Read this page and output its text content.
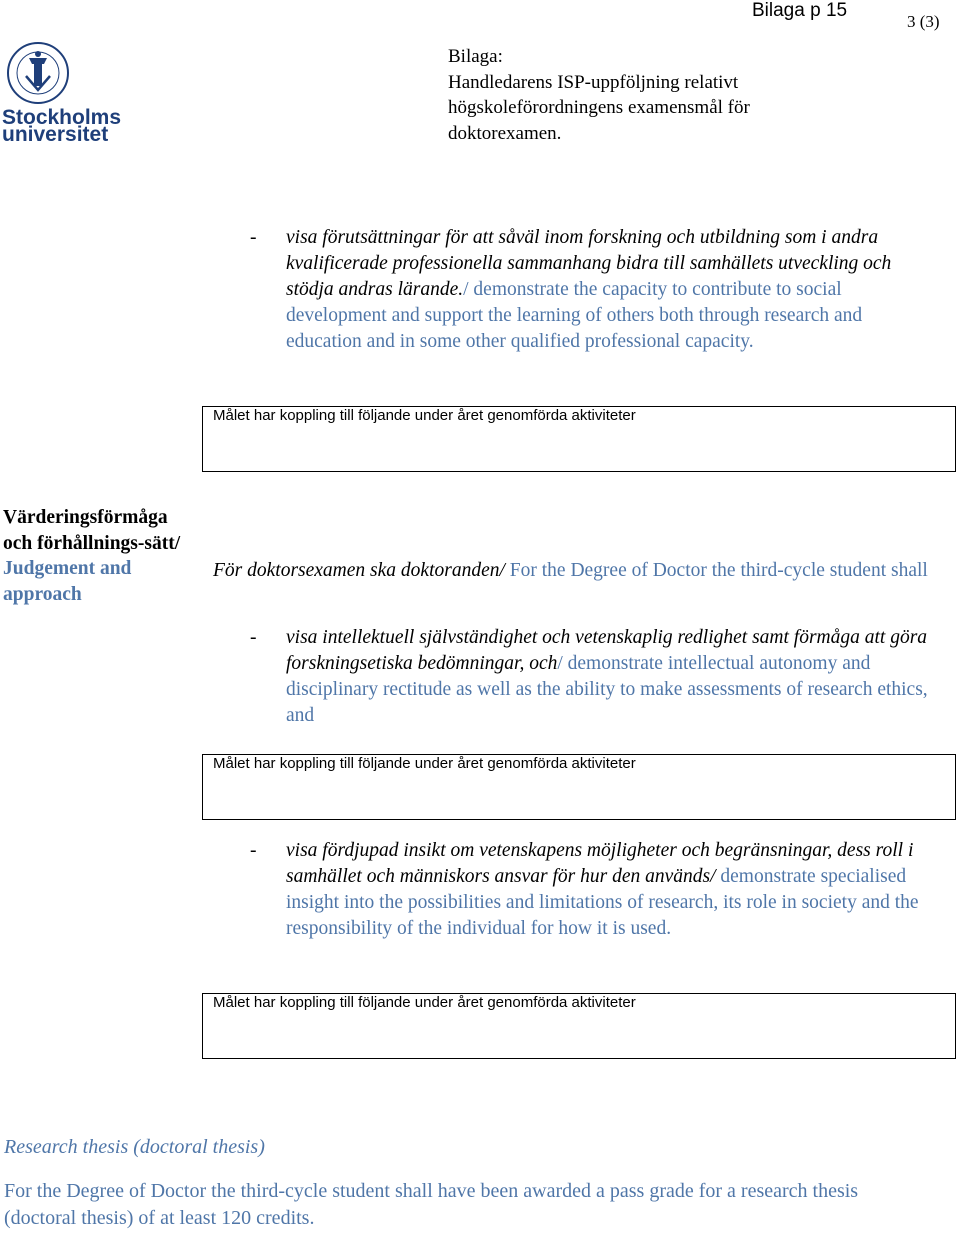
Bilaga p 15
3 (3)
Stockholms
universitet
Bilaga:
Handledarens ISP-uppföljning relativt högskoleförordningens examensmål för doktorexamen.
- visa förutsättningar för att såväl inom forskning och utbildning som i andra kvalificerade professionella sammanhang bidra till samhällets utveckling och stödja andras lärande./ demonstrate the capacity to contribute to social development and support the learning of others both through research and education and in some other qualified professional capacity.
Målet har koppling till följande under året genomförda aktiviteter
Värderingsförmåga och förhållnings-sätt/ Judgement and approach
För doktorsexamen ska doktoranden/ For the Degree of Doctor the third-cycle student shall
- visa intellektuell självständighet och vetenskaplig redlighet samt förmåga att göra forskningsetiska bedömningar, och/ demonstrate intellectual autonomy and disciplinary rectitude as well as the ability to make assessments of research ethics, and
Målet har koppling till följande under året genomförda aktiviteter
- visa fördjupad insikt om vetenskapens möjligheter och begränsningar, dess roll i samhället och människors ansvar för hur den används/ demonstrate specialised insight into the possibilities and limitations of research, its role in society and the responsibility of the individual for how it is used.
Målet har koppling till följande under året genomförda aktiviteter
Research thesis (doctoral thesis)
For the Degree of Doctor the third-cycle student shall have been awarded a pass grade for a research thesis (doctoral thesis) of at least 120 credits.
